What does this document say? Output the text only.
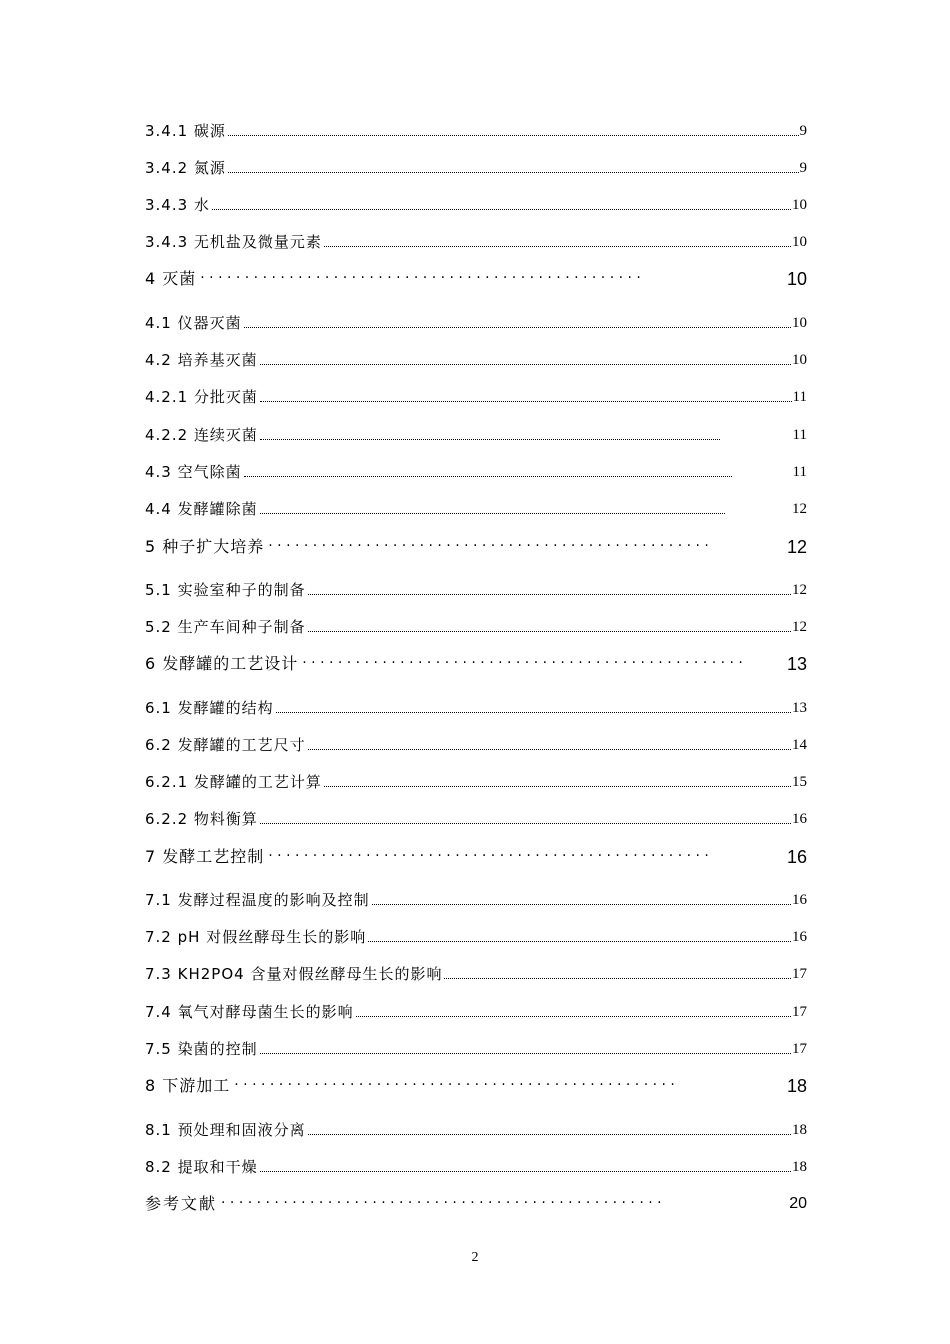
3.4.1 碳源	9
3.4.2 氮源	9
3.4.3 水	10
3.4.3 无机盐及微量元素	10
4 灭菌 · · ·	10
4.1 仪器灭菌	10
4.2 培养基灭菌	10
4.2.1 分批灭菌	11
4.2.2 连续灭菌	11
4.3 空气除菌	11
4.4 发酵罐除菌	12
5 种子扩大培养 · · ·	12
5.1 实验室种子的制备	12
5.2 生产车间种子制备	12
6 发酵罐的工艺设计 · · ·	13
6.1 发酵罐的结构	13
6.2 发酵罐的工艺尺寸	14
6.2.1 发酵罐的工艺计算	15
6.2.2 物料衡算	16
7 发酵工艺控制 · · ·	16
7.1 发酵过程温度的影响及控制	16
7.2 pH 对假丝酵母生长的影响	16
7.3 KH2PO4 含量对假丝酵母生长的影响	17
7.4 氧气对酵母菌生长的影响	17
7.5 染菌的控制	17
8 下游加工 · · ·	18
8.1 预处理和固液分离	18
8.2 提取和干燥	18
参考文献 · · ·	20
2
